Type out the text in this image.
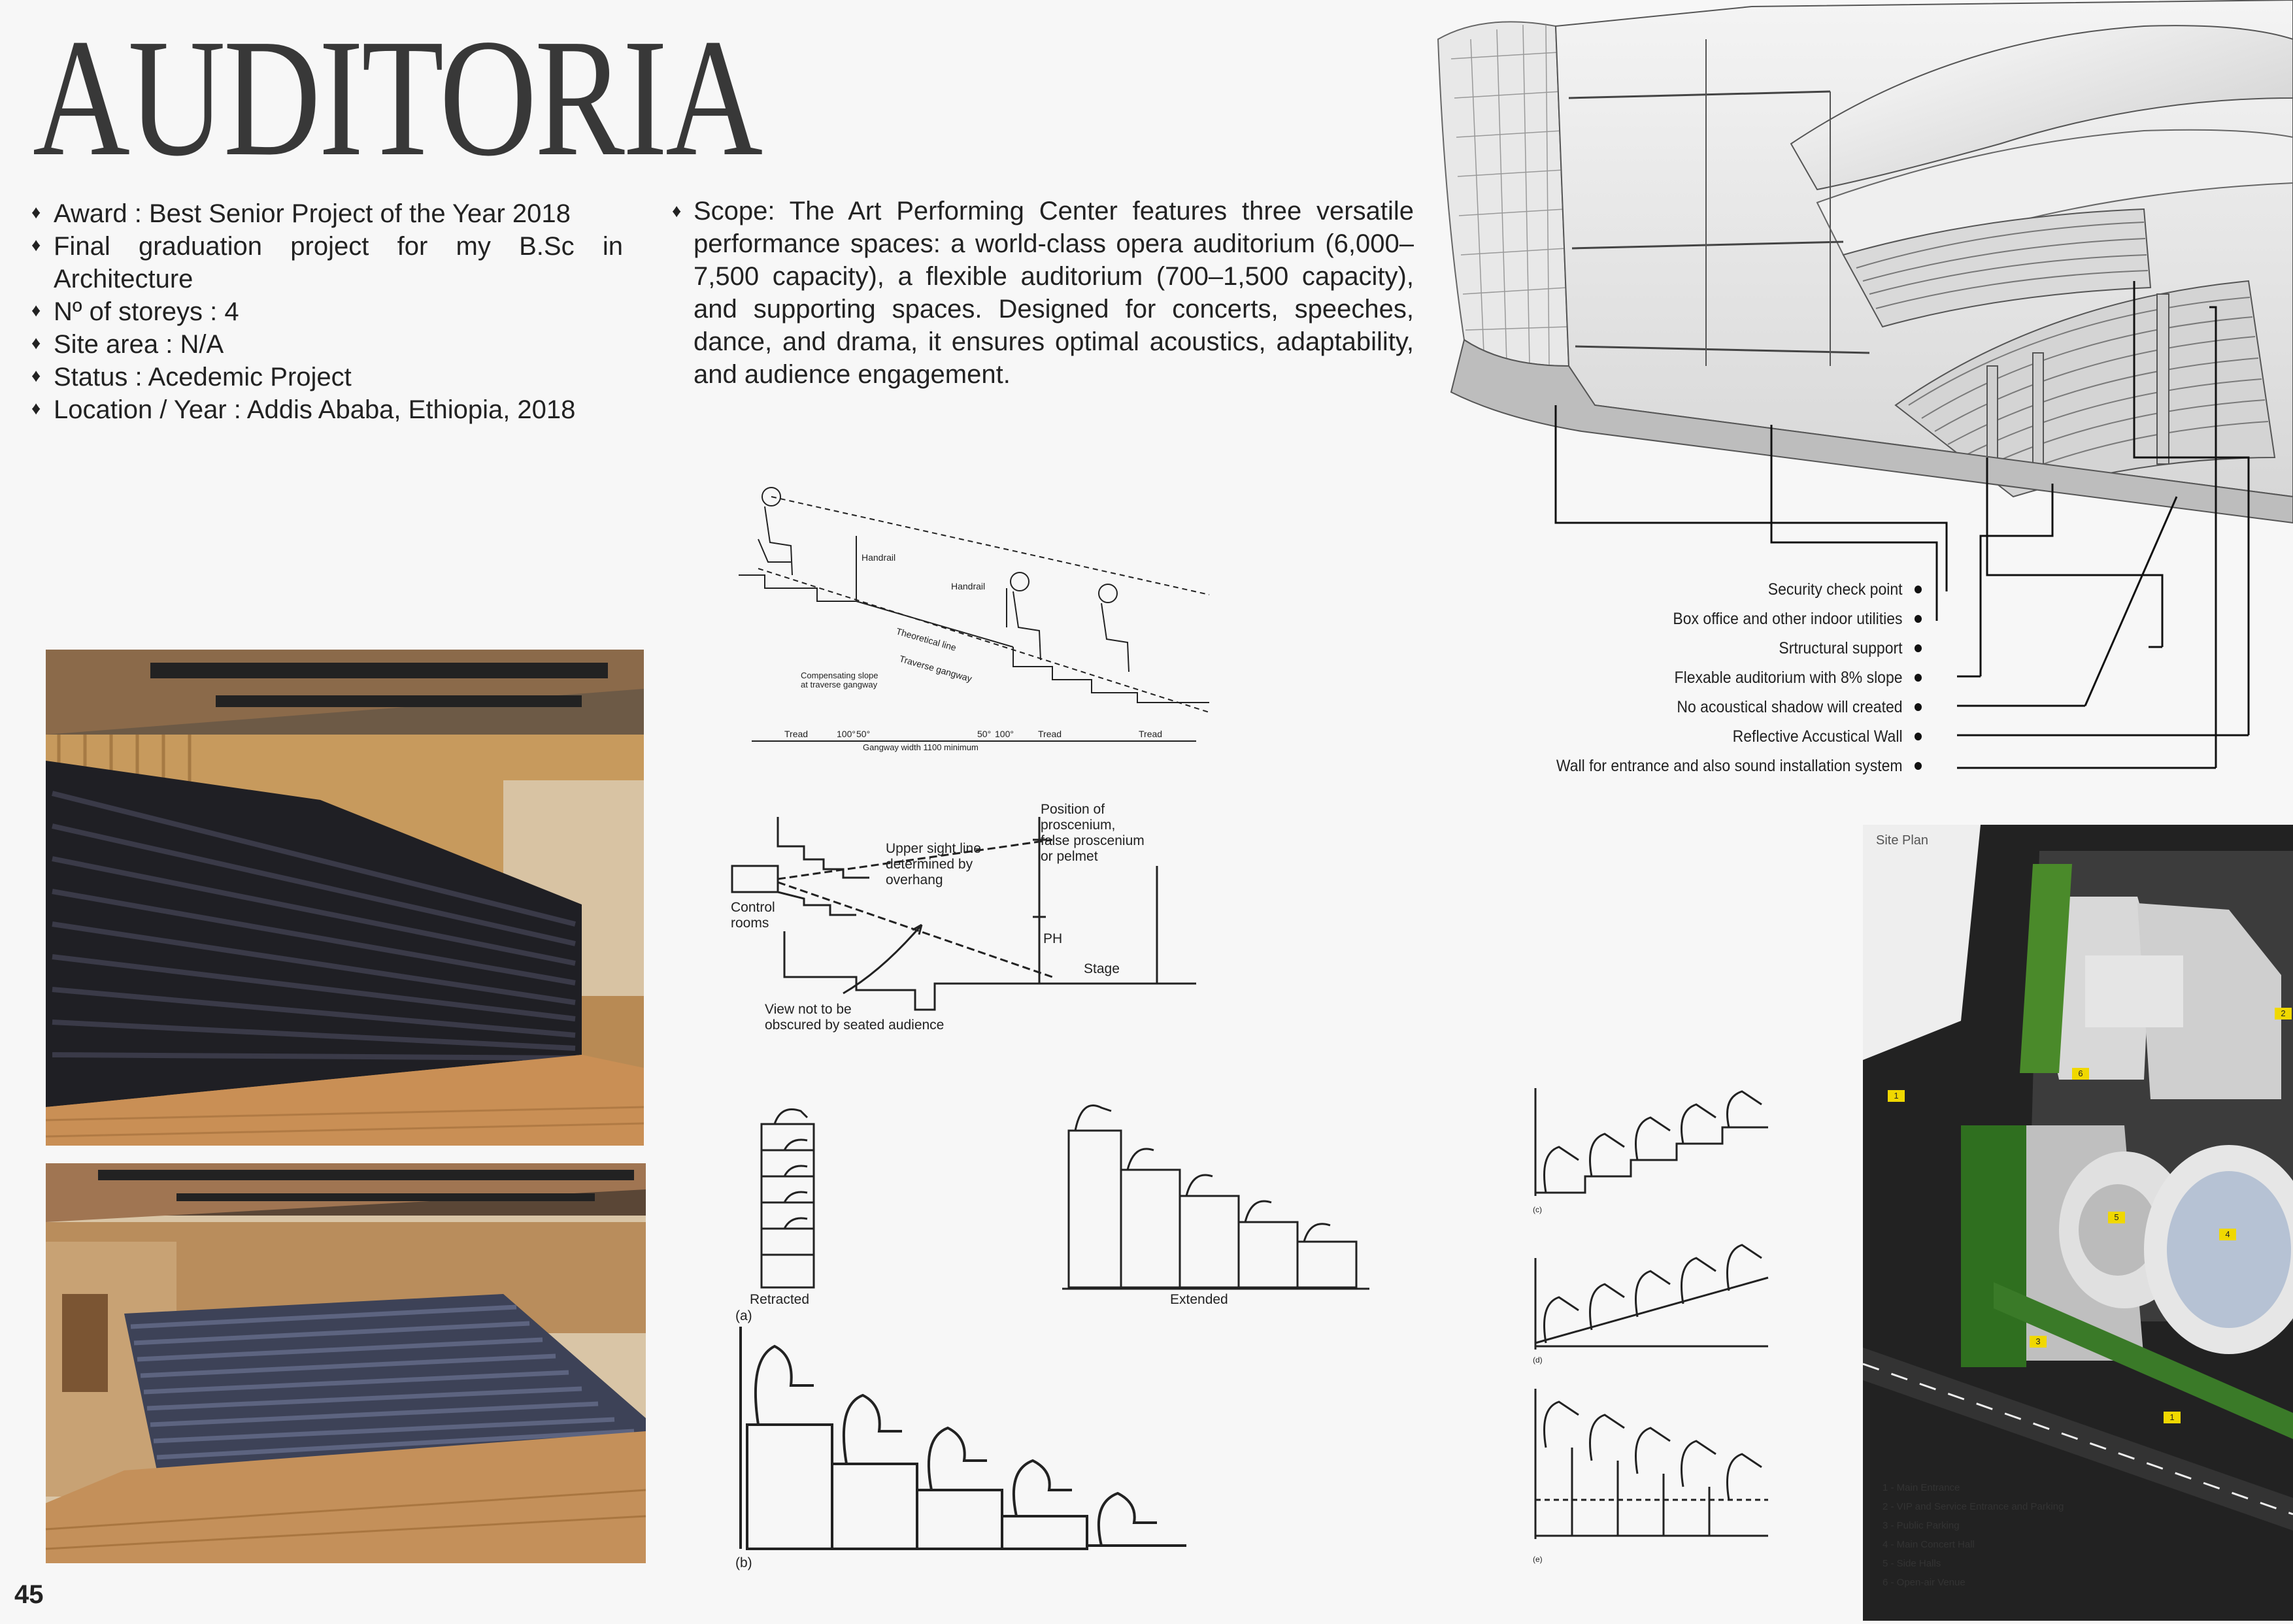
AUDITORIA
♦ Award : Best Senior Project of the Year 2018
♦ Final graduation project for my B.Sc in Architecture
♦ Nº of storeys : 4
♦ Site area : N/A
♦ Status : Acedemic Project
♦ Location / Year : Addis Ababa, Ethiopia, 2018
♦ Scope: The Art Performing Center features three versatile performance spaces: a world-class opera auditorium (6,000–7,500 capacity), a flexible auditorium (700–1,500 capacity), and supporting spaces. Designed for concerts, speeches, dance, and drama, it ensures optimal acoustics, adaptability, and audience engagement.
Security check point
Box office and other indoor utilities
Srtructural support
Flexable auditorium with 8% slope
No acoustical shadow will created
Reflective Accustical Wall
Wall for entrance and also sound installation system
Handrail
Handrail
Theoretical line
Traverse gangway
Compensating slope
at traverse gangway
Tread	100° 50°	50° 100°	Tread	Tread
Gangway width 1100 minimum
Position of
proscenium,
false proscenium
or pelmet
Upper sight line
determined by
overhang
Control
rooms
PH
Stage
View not to be
obscured by seated audience
Retracted
(a)
Extended
(b)
(c)
(d)
(e)
1
2
6
5
4
3
1
Site Plan
1 - Main Entrance
2 - VIP and Service Entrance and Parking
3 - Public Parking
4 - Main Concert Hall
5 - Side Halls
6 - Open-air Venue
45
